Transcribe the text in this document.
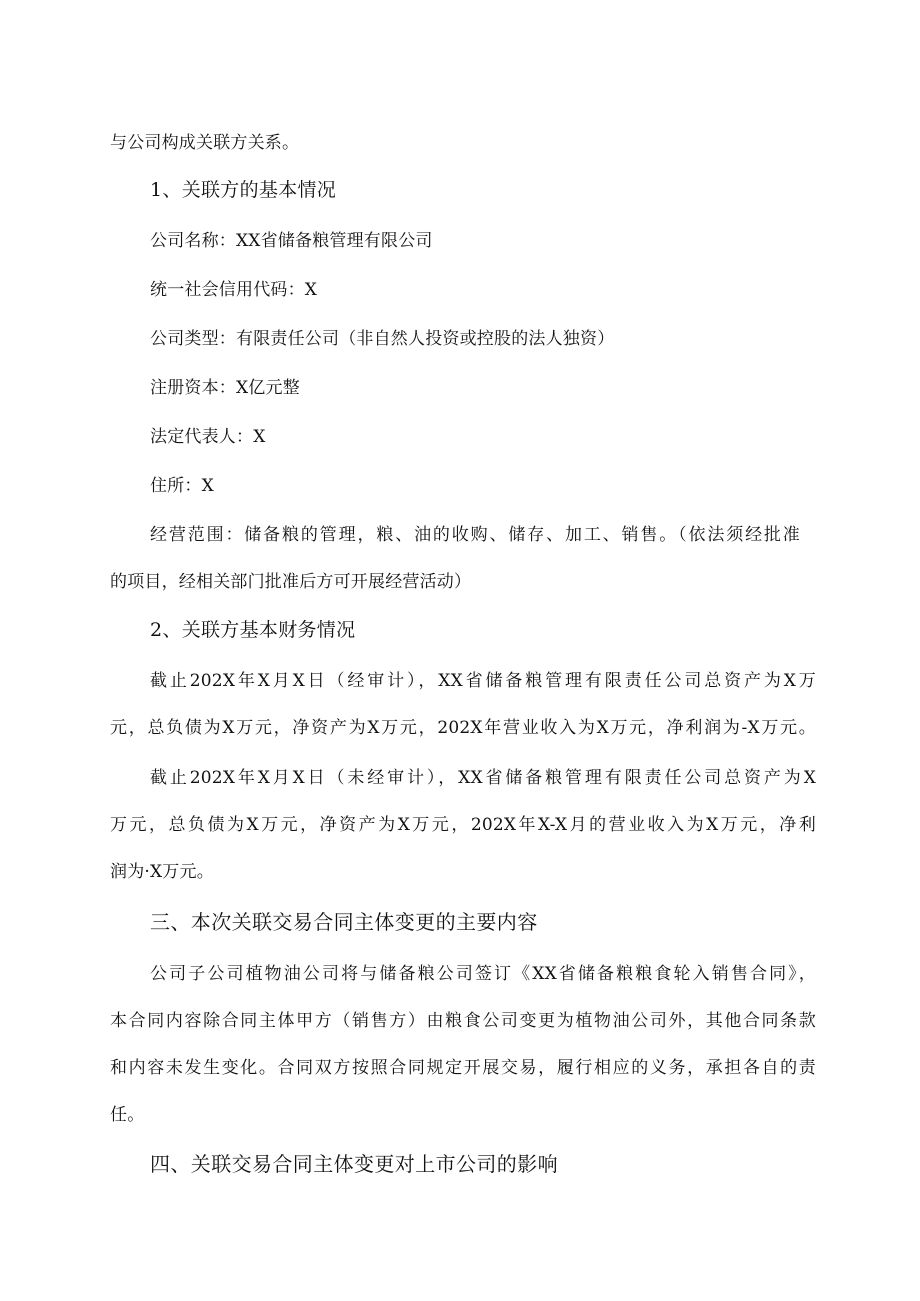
与公司构成关联方关系。

1、关联方的基本情况

公司名称：XX省储备粮管理有限公司

统一社会信用代码：X

公司类型：有限责任公司（非自然人投资或控股的法人独资）

注册资本：X亿元整

法定代表人：X

住所：X

经营范围：储备粮的管理，粮、油的收购、储存、加工、销售。（依法须经批准

的项目，经相关部门批准后方可开展经营活动）

2、关联方基本财务情况

截止202X年X月X日（经审计），XX省储备粮管理有限责任公司总资产为X万

元，总负债为X万元，净资产为X万元，202X年营业收入为X万元，净利润为-X万元。

截止202X年X月X日（未经审计），XX省储备粮管理有限责任公司总资产为X

万元，总负债为X万元，净资产为X万元，202X年X-X月的营业收入为X万元，净利

润为·X万元。

三、本次关联交易合同主体变更的主要内容

公司子公司植物油公司将与储备粮公司签订《XX省储备粮粮食轮入销售合同》，

本合同内容除合同主体甲方（销售方）由粮食公司变更为植物油公司外，其他合同条款

和内容未发生变化。合同双方按照合同规定开展交易，履行相应的义务，承担各自的责

任。

四、关联交易合同主体变更对上市公司的影响
